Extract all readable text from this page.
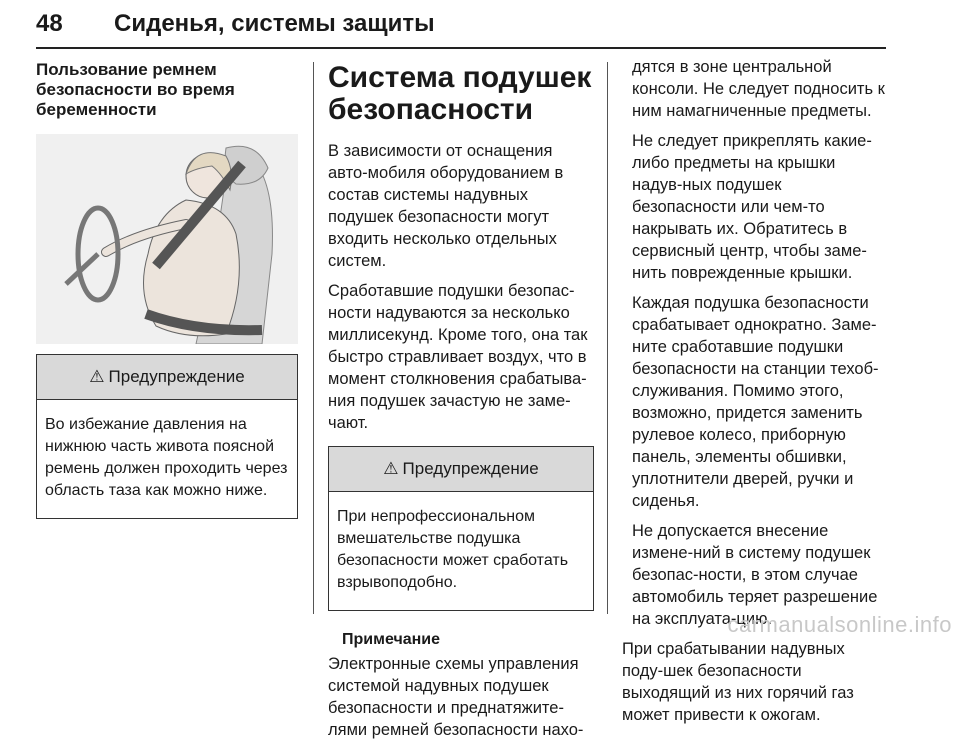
48 Сиденья, системы защиты
Пользование ремнем безопасности во время беременности
⚠ Предупреждение
Во избежание давления на нижнюю часть живота поясной ремень должен проходить через область таза как можно ниже.
Система подушек безопасности

В зависимости от оснащения авто-мобиля оборудованием в состав системы надувных подушек безопасности могут входить несколько отдельных систем.

Сработавшие подушки безопас-ности надуваются за несколько миллисекунд. Кроме того, она так быстро стравливает воздух, что в момент столкновения срабатыва-ния подушек зачастую не заме-чают.

⚠ Предупреждение
При непрофессиональном вмешательстве подушка безопасности может сработать взрывоподобно.
Примечание

Электронные схемы управления системой надувных подушек безопасности и преднатяжите-лями ремней безопасности нахо-

дятся в зоне центральной консоли. Не следует подносить к ним намагниченные предметы.

Не следует прикреплять какие-либо предметы на крышки надув-ных подушек безопасности или чем-то накрывать их. Обратитесь в сервисный центр, чтобы заме-нить поврежденные крышки.

Каждая подушка безопасности срабатывает однократно. Заме-ните сработавшие подушки безопасности на станции техоб-служивания. Помимо этого, возможно, придется заменить рулевое колесо, приборную панель, элементы обшивки, уплотнители дверей, ручки и сиденья.

Не допускается внесение измене-ний в систему подушек безопас-ности, в этом случае автомобиль теряет разрешение на эксплуата-цию.

При срабатывании надувных поду-шек безопасности выходящий из них горячий газ может привести к ожогам.

carmanualsonline.info
